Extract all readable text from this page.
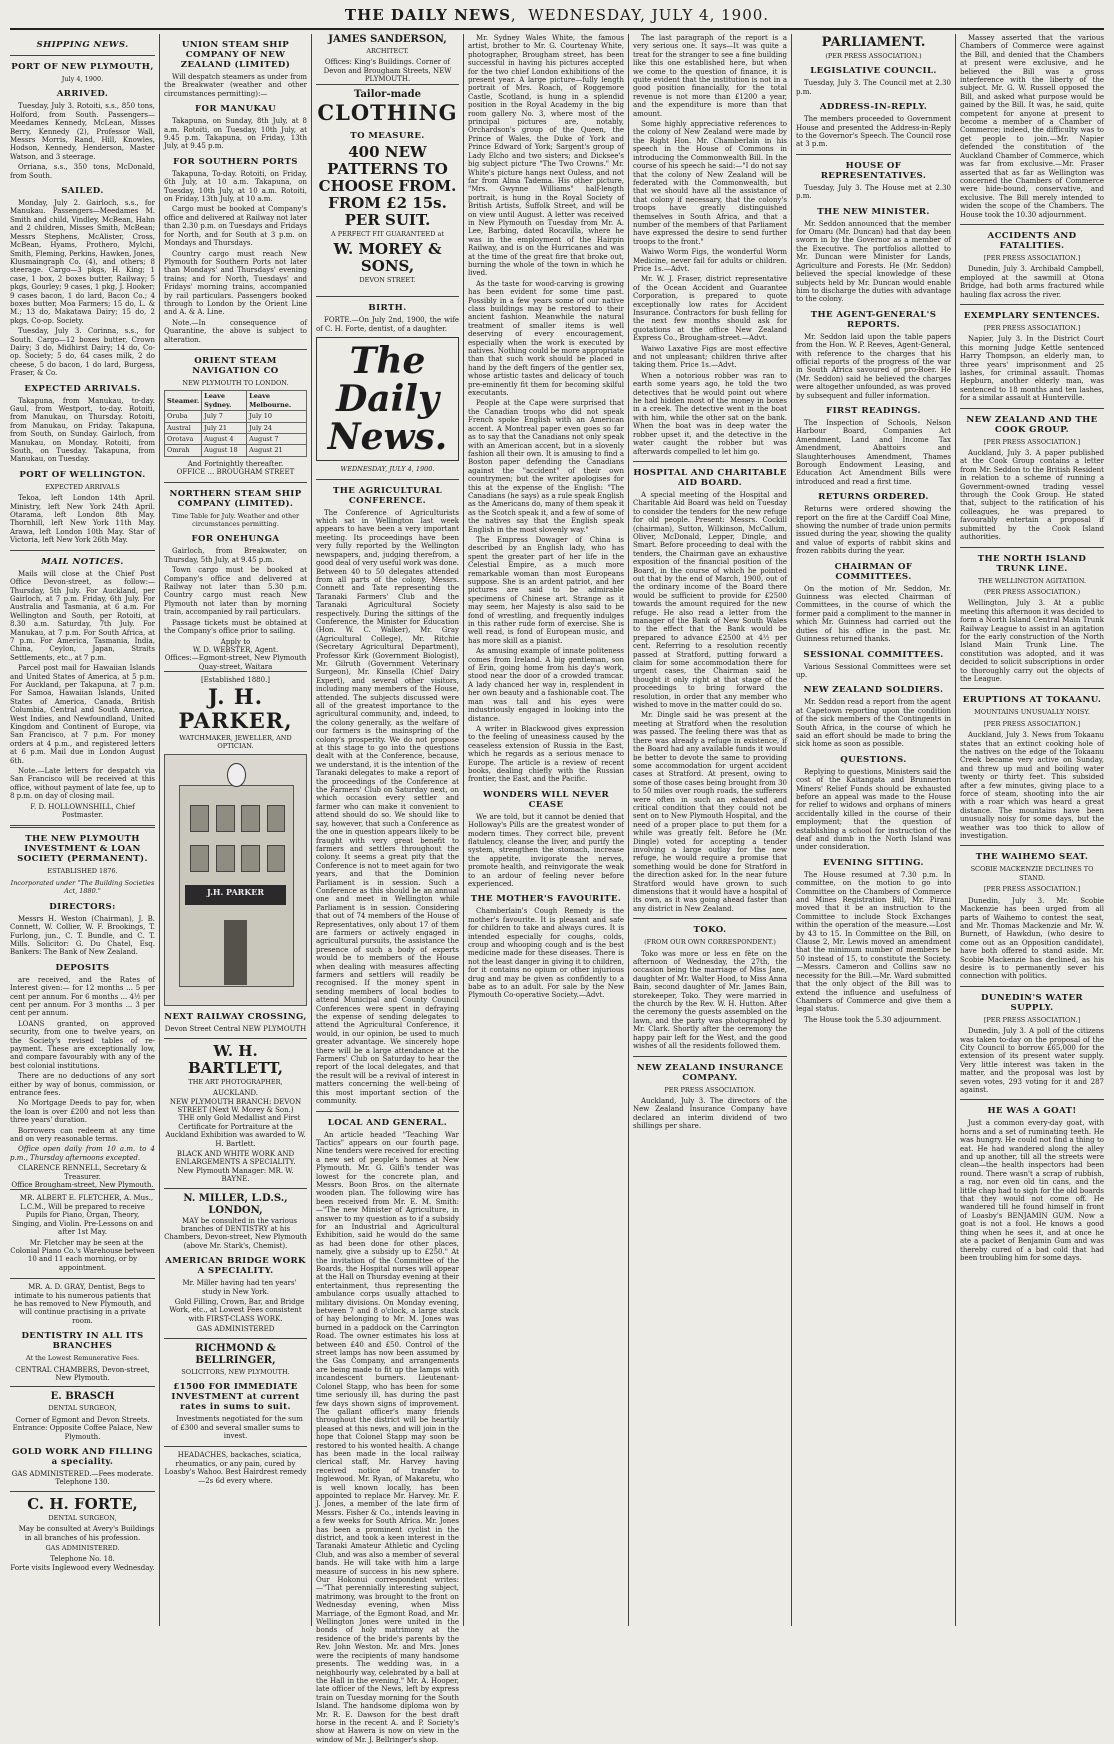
THE DAILY NEWS,  WEDNESDAY, JULY 4, 1900.
SHIPPING NEWS.
PORT OF NEW PLYMOUTH,
July 4, 1900.
ARRIVED.

Tuesday, July 3. Rotoiti, s.s., 850 tons, Holford, from South. Passengers—Meedames Kennedy, McLean, Misses Berry, Kennedy (2), Professor Wall, Messrs Morris, Rand, Hill, Knowles, Hodson, Kennedy, Henderson, Master Watson, and 3 steerage.

Orriana, s.s., 350 tons, McDonald, from South.

SAILED.

Monday, July 2. Gairloch, s.s., for Manukau. Passengers—Meedames M. Smith and child, Vindley, McBean, Hahn and 2 children, Misses Smith, McBean; Messrs Stephens, McAlister, Cross, McBean, Hyams, Prothero, Mylchi, Smith, Fleming, Perkins, Hawken, Jones, Klusmaingraph Co. (4), and others; 8 steerage. Cargo—3 pkgs, H. King; 1 case, 1 box, 2 boxes butter, Railway; 5 pkgs, Gourley; 9 cases, 1 pkg, J. Hooker; 9 cases bacon, 1 do lard, Bacon Co.; 4 boxes butter, Moa Farmers; 15 do, L. & M.; 13 do, Makatawa Dairy; 15 do, 2 pkgs, Co-op. Society.

Tuesday, July 3. Corinna, s.s., for South. Cargo—12 boxes butter, Crown Dairy; 3 do, Midhirst Dairy; 14 do, Co-op. Society; 5 do, 64 cases milk, 2 do cheese, 5 do bacon, 1 do lard, Burgess, Fraser, & Co.

EXPECTED ARRIVALS.

Takapuna, from Manukau, to-day. Gaul, from Westport, to-day. Rotoiti, from Manukau, on Thursday. Rotoiti, from Manukau, on Friday. Takapuna, from South, on Sunday. Gairloch, from Manukau, on Monday. Rotoiti, from South, on Tuesday. Takapuna, from Manukau, on Tuesday.

PORT OF WELLINGTON.
EXPECTED ARRIVALS

Tekoa, left London 14th April. Ministry, left New York 24th April. Otarama, left London 8th May. Thornhill, left New York 11th May. Arawa, left London 10th May. Star of Victoria, left New York 26th May.

MAIL NOTICES.

Mails will close at the Chief Post Office Devon-street, as follow:— Thursday, 5th July. For Auckland, per Gairloch, at 7 p.m. Friday, 6th July. For Australia and Tasmania, at 6 a.m. For Wellington and South, per Rotoiti, at 8.30 a.m. Saturday, 7th July. For Manukau, at 7 p.m. For South Africa, at 7 p.m. For America, Tasmania, India, China, Ceylon, Japan, Straits Settlements, etc., at 7 p.m.

Parcel post mail for Hawaiian Islands and United States of America, at 5 p.m. For Auckland, per Takapuna, at 7 p.m. For Samoa, Hawaiian Islands, United States of America, Canada, British Columbia, Central and South America, West Indies, and Newfoundland, United Kingdom and Continent of Europe, via San Francisco, at 7 p.m. For money orders at 4 p.m., and registered letters at 6 p.m. Mail due in London August 6th.

Note.—Late letters for despatch via San Francisco will be received at this office, without payment of late fee, up to 8 p.m. on day of closing mail.

F. D. HOLLOWNSHILL, Chief Postmaster.
THE NEW PLYMOUTH INVESTMENT & LOAN SOCIETY (PERMANENT).
ESTABLISHED 1876.
Incorporated under "The Building Societies Act, 1880."
DIRECTORS:

Messrs H. Weston (Chairman), J. B. Connett, W. Collier, W. F. Brookings, T. Furlong, jun., C. T. Bundle, and C. T. Mills. Solicitor: G. Du Chatel, Esq. Bankers: The Bank of New Zealand.

DEPOSITS

are received, and the Rates of Interest given:— for 12 months ... 5 per cent per annum. For 6 months ... 4½ per cent per annum. For 3 months ... 3 per cent per annum.

LOANS granted, on approved security, from one to twelve years, on the Society's revised tables of re-payment. These are exceptionally low, and compare favourably with any of the best colonial institutions.

There are no deductions of any sort either by way of bonus, commission, or entrance fees.

No Mortgage Deeds to pay for, when the loan is over £200 and not less than three years' duration.

Borrowers can redeem at any time and on very reasonable terms.

Office open daily from 10 a.m. to 4 p.m., Thursday afternoons excepted.

CLARENCE RENNELL, Secretary & Treasurer.
Office Brougham-street, New Plymouth.

MR. ALBERT E. FLETCHER, A. Mus., L.C.M., Will be prepared to receive Pupils for Piano, Organ, Theory, Singing, and Violin. Pre-Lessons on and after 1st May.

Mr. Fletcher may be seen at the Colonial Piano Co.'s Warehouse between 10 and 11 each morning, or by appointment.

MR. A. D. GRAY, Dentist, Begs to intimate to his numerous patients that he has removed to New Plymouth, and will continue practising in a private room.

DENTISTRY IN ALL ITS BRANCHES
At the Lowest Remunerative Fees.
CENTRAL CHAMBERS, Devon-street, New Plymouth.
E. BRASCH
DENTAL SURGEON,
Corner of Egmont and Devon Streets.
Entrance: Opposite Coffee Palace, New Plymouth.
GOLD WORK AND FILLING a speciality.
GAS ADMINISTERED.—Fees moderate. Telephone 130.
C. H. FORTE,
DENTAL SURGEON,

May be consulted at Avery's Buildings in all branches of his profession.

GAS ADMINISTERED.
Telephone No. 18.
Forte visits Inglewood every Wednesday.
UNION STEAM SHIP COMPANY OF NEW ZEALAND (LIMITED)

Will despatch steamers as under from the Breakwater (weather and other circumstances permitting):—

FOR MANUKAU

Takapuna, on Sunday, 8th July, at 8 a.m. Rotoiti, on Tuesday, 10th July, at 9.45 p.m. Takapuna, on Friday, 13th July, at 9.45 p.m.

FOR SOUTHERN PORTS

Takapuna, To-day. Rotoiti, on Friday, 6th July, at 10 a.m. Takapuna, on Tuesday, 10th July, at 10 a.m. Rotoiti, on Friday, 13th July, at 10 a.m.

Cargo must be booked at Company's office and delivered at Railway not later than 2.30 p.m. on Tuesdays and Fridays for North, and for South at 3 p.m. on Mondays and Thursdays.

Country cargo must reach New Plymouth for Southern Ports not later than Mondays' and Thursdays' evening trains; and for North, Tuesdays' and Fridays' morning trains, accompanied by rail particulars. Passengers booked through to London by the Orient Line and A. & A. Line.

Note.—In consequence of Quarantine, the above is subject to alteration.

ORIENT STEAM NAVIGATION CO
NEW PLYMOUTH TO LONDON.
Steamer.	Leave Sydney.	Leave Melbourne.
Oruba	July 7	July 10
Austral	July 21	July 24
Orotava	August 4	August 7
Omrah	August 18	August 21
And Fortnightly thereafter.
OFFICE ... BROUGHAM STREET
NORTHERN STEAM SHIP COMPANY (LIMITED).
Time Table for July. Weather and other circumstances permitting.
FOR ONEHUNGA

Gairloch, from Breakwater, on Thursday, 5th July, at 9.45 p.m.

Town cargo must be booked at Company's office and delivered at Railway not later than 5.30 p.m. Country cargo must reach New Plymouth not later than by morning train, accompanied by rail particulars.

Passage tickets must be obtained at the Company's office prior to sailing.

Apply to
W. D. WEBSTER, Agent.
Offices:—Egmont-street, New Plymouth Quay-street, Waitara
[Established 1880.]
J. H. PARKER,
WATCHMAKER, JEWELLER, AND OPTICIAN.
J.H. PARKER
NEXT RAILWAY CROSSING,
Devon Street Central NEW PLYMOUTH
W. H. BARTLETT,
THE ART PHOTOGRAPHER,
AUCKLAND.
NEW PLYMOUTH BRANCH: DEVON STREET (Next W. Morey & Son.)

THE only Gold Medallist and First Certificate for Portraiture at the Auckland Exhibition was awarded to W. H. Bartlett.

BLACK AND WHITE WORK AND ENLARGEMENTS A SPECIALITY.
New Plymouth Manager: MR. W. BAYNE.
N. MILLER, L.D.S., LONDON,

MAY be consulted in the various branches of DENTISTRY at his Chambers, Devon-street, New Plymouth (above Mr. Stark's, Chemist).

AMERICAN BRIDGE WORK A SPECIALITY.

Mr. Miller having had ten years' study in New York.

Gold Filling, Crown, Bar, and Bridge Work, etc., at Lowest Fees consistent with FIRST-CLASS WORK.

GAS ADMINISTERED
RICHMOND & BELLRINGER,
SOLICITORS, NEW PLYMOUTH.
£1500 FOR IMMEDIATE INVESTMENT at current rates in sums to suit.

Investments negotiated for the sum of £300 and several smaller sums to invest.

HEADACHES, backaches, sciatica, rheumatics, or any pain, cured by Loasby's Wahoo. Best Hairdrest remedy—2s 6d every where.

JAMES SANDERSON,
ARCHITECT.
Offices: King's Buildings. Corner of Devon and Brougham Streets, NEW PLYMOUTH.
Tailor-made
CLOTHING
TO MEASURE.
400 NEW PATTERNS TO CHOOSE FROM.
FROM £2 15s. PER SUIT.
A PERFECT FIT GUARANTEED at
W. MOREY & SONS,
DEVON STREET.
BIRTH.

FORTE.—On July 2nd, 1900, the wife of C. H. Forte, dentist, of a daughter.

The Daily News.
WEDNESDAY, JULY 4, 1900.
THE AGRICULTURAL CONFERENCE.

The Conference of Agriculturists which sat in Wellington last week appears to have been a very important meeting. Its proceedings have been very fully reported by the Wellington newspapers, and, judging therefrom, a good deal of very useful work was done. Between 40 to 50 delegates attended from all parts of the colony, Messrs. Connett and Tate representing the Taranaki Farmers' Club and the Taranaki Agricultural Society respectively. During the sittings of the Conference, the Minister for Education (Hon. W. C. Walker), Mr. Gray (Agricultural College), Mr. Ritchie (Secretary Agricultural Department), Professor Kirk (Government Biologist), Mr. Gilruth (Government Veterinary Surgeon), Mr. Kinsella (Chief Dairy Expert), and several other visitors, including many members of the House, attended. The subjects discussed were all of the greatest importance to the agricultural community, and, indeed, to the colony generally, as the welfare of our farmers is the mainspring of the colony's prosperity. We do not propose at this stage to go into the questions dealt with at the Conference, because, we understand, it is the intention of the Taranaki delegates to make a report of the proceedings of the Conference at the Farmers' Club on Saturday next, on which occasion every settler and farmer who can make it convenient to attend should do so. We should like to say, however, that such a Conference as the one in question appears likely to be fraught with very great benefit to farmers and settlers throughout the colony. It seems a great pity that the Conference is not to meet again for two years, and that the Dominion Parliament is in session. Such a Conference as this should be an annual one and meet in Wellington while Parliament is in session. Considering that out of 74 members of the House of Representatives, only about 17 of them are farmers or actively engaged in agricultural pursuits, the assistance the presence of such a body of experts would be to members of the House when dealing with measures affecting farmers and settlers will readily be recognised. If the money spent in sending members of local bodies to attend Municipal and County Council Conferences were spent in defraying the expense of sending delegates to attend the Agricultural Conference, it would, in our opinion, be used to much greater advantage. We sincerely hope there will be a large attendance at the Farmers' Club on Saturday to hear the report of the local delegates, and that the result will be a revival of interest in matters concerning the well-being of this most important section of the community.

LOCAL AND GENERAL.

An article headed "Teaching War Tactics" appears on our fourth page. Nine tenders were received for erecting a new set of people's homes at New Plymouth. Mr. G. Gilfi's tender was lowest for the concrete plan, and Messrs. Boon Bros. on the alternate wooden plan. The following wire has been received from Mr. E. M. Smith:—"The new Minister of Agriculture, in answer to my question as to if a subsidy for an Industrial and Agricultural Exhibition, said he would do the same as had been done for other places, namely, give a subsidy up to £250." At the invitation of the Committee of the Boards, the Hospital nurses will appear at the Hall on Thursday evening at their entertainment, thus representing the ambulance corps usually attached to military divisions. On Monday evening, between 7 and 8 o'clock, a large stack of hay belonging to Mr. M. Jones was burned in a paddock on the Carrington Road. The owner estimates his loss at between £40 and £50. Control of the street lamps has now been assumed by the Gas Company, and arrangements are being made to fit up the lamps with incandescent burners. Lieutenant-Colonel Stapp, who has been for some time seriously ill, has during the past few days shown signs of improvement. The gallant officer's many friends throughout the district will be heartily pleased at this news, and will join in the hope that Colonel Stapp may soon be restored to his wonted health. A change has been made in the local railway clerical staff, Mr. Harvey having received notice of transfer to Inglewood. Mr. Ryan, of Makaretu, who is well known locally, has been appointed to replace Mr. Harvey. Mr. F. J. Jones, a member of the late firm of Messrs. Fisher & Co., intends leaving in a few weeks for South Africa. Mr. Jones has been a prominent cyclist in the district, and took a keen interest in the Taranaki Amateur Athletic and Cycling Club, and was also a member of several bands. He will take with him a large measure of success in his new sphere. Our Hokonui correspondent writes:—"That perennially interesting subject, matrimony, was brought to the front on Wednesday evening, when Miss Marriage, of the Egmont Road, and Mr. Wellington Jones were united in the bonds of holy matrimony at the residence of the bride's parents by the Rev. John Weston. Mr. and Mrs. Jones were the recipients of many handsome presents. The wedding was, in a neighbourly way, celebrated by a ball at the Hall in the evening." Mr. A. Hooper, late officer of the News, left by express train on Tuesday morning for the South Island. The handsome diploma won by Mr. R. E. Dawson for the best draft horse in the recent A. and P. Society's show at Hawera is now on view in the window of Mr. J. Bellringer's shop.

Mr. Sydney Wales White, the famous artist, brother to Mr. G. Courtenay White, photographer, Brougham street, has been successful in having his pictures accepted for the two chief London exhibitions of the present year. A large picture—fully length portrait of Mrs. Roach, of Roggemore Castle, Scotland, is hung in a splendid position in the Royal Academy in the big room gallery No. 3, where most of the principal pictures are, notably, Orchardson's group of the Queen, the Prince of Wales, the Duke of York and Prince Edward of York; Sargent's group of Lady Elcho and two sisters; and Dicksee's big subject picture "The Two Crowns." Mr. White's picture hangs next Ouless, and not far from Alma Tadema. His other picture, "Mrs. Gwynne Williams" half-length portrait, is hung in the Royal Society of British Artists, Suffolk Street, and will be on view until August. A letter was received in New Plymouth on Tuesday from Mr. A. Lee, Barbing, dated Rocavilla, where he was in the employment of the Hairpin Railway, and is on the Hurricanes and was at the time of the great fire that broke out, burning the whole of the town in which he lived.

As the taste for wood-carving is growing has been evident for some time past. Possibly in a few years some of our native class buildings may be restored to their ancient fashion. Meanwhile the natural treatment of smaller items is well deserving of every encouragement, especially when the work is executed by natives. Nothing could be more appropriate than that such work should be placed in hand by the deft fingers of the gentler sex, whose artistic tastes and delicacy of touch pre-eminently fit them for becoming skilful executants.

People at the Cape were surprised that the Canadian troops who did not speak French spoke English with an American accent. A Montreal paper even goes so far as to say that the Canadians not only speak with an American accent, but in a slovenly fashion all their own. It is amusing to find a Boston paper defending the Canadians against the "accident" of their own countrymen; but the writer apologises for this at the expense of the English: "The Canadians (he says) as a rule speak English as the Americans do, many of them speak it as the Scotch speak it, and a few of some of the natives say that the English speak English in the most slovenly way."

The Empress Dowager of China is described by an English lady, who has spent the greater part of her life in the Celestial Empire, as a much more remarkable woman than most Europeans suppose. She is an ardent patriot, and her pictures are said to be admirable specimens of Chinese art. Strange as it may seem, her Majesty is also said to be fond of wrestling, and frequently indulges in this rather rude form of exercise. She is well read, is fond of European music, and has more skill as a pianist.

As amusing example of innate politeness comes from Ireland. A big gentleman, son of Erin, going home from his day's work, stood near the door of a crowded tramcar. A lady chanced her way in, resplendent in her own beauty and a fashionable coat. The man was tall and his eyes were industriously engaged in looking into the distance.

A writer in Blackwood gives expression to the feeling of uneasiness caused by the ceaseless extension of Russia in the East, which he regards as a serious menace to Europe. The article is a review of recent books, dealing chiefly with the Russian frontier, the East, and the Pacific.

WONDERS WILL NEVER CEASE

We are told, but it cannot be denied that Holloway's Pills are the greatest wonder of modern times. They correct bile, prevent flatulency, cleanse the liver, and purify the system, strengthen the stomach, increase the appetite, invigorate the nerves, promote health, and reinvigorate the weak to an ardour of feeling never before experienced.

THE MOTHER'S FAVOURITE.

Chamberlain's Cough Remedy is the mother's favourite. It is pleasant and safe for children to take and always cures. It is intended especially for coughs, colds, croup and whooping cough and is the best medicine made for these diseases. There is not the least danger in giving it to children, for it contains no opium or other injurious drug and may be given as confidently to a babe as to an adult. For sale by the New Plymouth Co-operative Society.—Advt.

The last paragraph of the report is a very serious one. It says—It was quite a treat for the stranger to see a fine building like this one established here, but when we come to the question of finance, it is quite evident that the institution is not in a good position financially, for the total revenue is not more than £1200 a year, and the expenditure is more than that amount.

Some highly appreciative references to the colony of New Zealand were made by the Right Hon. Mr. Chamberlain in his speech in the House of Commons in introducing the Commonwealth Bill. In the course of his speech he said:—"I do not say that the colony of New Zealand will be federated with the Commonwealth, but that we should have all the assistance of that colony if necessary, that the colony's troops have greatly distinguished themselves in South Africa, and that a number of the members of that Parliament have expressed the desire to send further troops to the front."

Waiwo Worm Figs, the wonderful Worm Medicine, never fail for adults or children. Price 1s.—Advt.

Mr. W. J. Fraser, district representative of the Ocean Accident and Guarantee Corporation, is prepared to quote exceptionally low rates for Accident Insurance. Contractors for bush felling for the next few months should ask for quotations at the office New Zealand Express Co., Brougham-street.—Advt.

Waiwo Laxative Figs are most effective and not unpleasant; children thrive after taking them. Price 1s.—Advt.

When a notorious robber was ran to earth some years ago, he told the two detectives that he would point out where he had hidden most of the money in boxes in a creek. The detective went in the boat with him, while the other sat on the bank. When the boat was in deep water the robber upset it, and the detective in the water caught the robber but was afterwards compelled to let him go.

HOSPITAL AND CHARITABLE AID BOARD.

A special meeting of the Hospital and Charitable Aid Board was held on Tuesday to consider the tenders for the new refuge for old people. Present: Messrs. Cockill (chairman), Sutton, Wilkinson, McCallum, Oliver, McDonald, Lepper, Dingle, and Smart. Before proceeding to deal with the tenders, the Chairman gave an exhaustive exposition of the financial position of the Board, in the course of which he pointed out that by the end of March, 1900, out of the ordinary income of the Board there would be sufficient to provide for £2500 towards the amount required for the new refuge. He also read a letter from the manager of the Bank of New South Wales to the effect that the Bank would be prepared to advance £2500 at 4½ per cent. Referring to a resolution recently passed at Stratford, putting forward a claim for some accommodation there for urgent cases, the Chairman said he thought it only right at that stage of the proceedings to bring forward the resolution, in order that any member who wished to move in the matter could do so.

Mr. Dingle said he was present at the meeting at Stratford when the resolution was passed. The feeling there was that as there was already a refuge in existence, if the Board had any available funds it would be better to devote the same to providing some accommodation for urgent accident cases at Stratford. At present, owing to some of those cases being brought from 30 to 50 miles over rough roads, the sufferers were often in such an exhausted and critical condition that they could not be sent on to New Plymouth Hospital, and the need of a proper place to put them for a while was greatly felt. Before he (Mr. Dingle) voted for accepting a tender involving a large outlay for the new refuge, he would require a promise that something would be done for Stratford in the direction asked for. In the near future Stratford would have grown to such dimensions that it would have a hospital of its own, as it was going ahead faster than any district in New Zealand.

TOKO.
(FROM OUR OWN CORRESPONDENT.)

Toko was more or less en fête on the afternoon of Wednesday, the 27th, the occasion being the marriage of Miss Jane, daughter of Mr. Walter Hood, to Miss Anna Bain, second daughter of Mr. James Bain, storekeeper, Toko. They were married in the church by the Rev. W. H. Hutton. After the ceremony the guests assembled on the lawn, and the party was photographed by Mr. Clark. Shortly after the ceremony the happy pair left for the West, and the good wishes of all the residents followed them.

NEW ZEALAND INSURANCE COMPANY.
PER PRESS ASSOCIATION.

Auckland, July 3. The directors of the New Zealand Insurance Company have declared an interim dividend of two shillings per share.

PARLIAMENT.
(PER PRESS ASSOCIATION.)
LEGISLATIVE COUNCIL.

Tuesday, July 3. The Council met at 2.30 p.m.

ADDRESS-IN-REPLY.

The members proceeded to Government House and presented the Address-in-Reply to the Governor's Speech. The Council rose at 3 p.m.

HOUSE OF REPRESENTATIVES.

Tuesday, July 3. The House met at 2.30 p.m.

THE NEW MINISTER.

Mr. Seddon announced that the member for Omaru (Mr. Duncan) had that day been sworn in by the Governor as a member of the Executive. The portfolios allotted to Mr. Duncan were Minister for Lands, Agriculture and Forests. He (Mr. Seddon) believed the special knowledge of these subjects held by Mr. Duncan would enable him to discharge the duties with advantage to the colony.

THE AGENT-GENERAL'S REPORTS.

Mr. Seddon laid upon the table papers from the Hon. W. P. Reeves, Agent-General, with reference to the charges that his official reports of the progress of the war in South Africa savoured of pro-Boer. He (Mr. Seddon) said he believed the charges were altogether unfounded, as was proved by subsequent and fuller information.

FIRST READINGS.

The Inspection of Schools, Nelson Harbour Board, Companies Act Amendment, Land and Income Tax Amendment, Abattoirs and Slaughterhouses Amendment, Thames Borough Endowment Leasing, and Education Act Amendment Bills were introduced and read a first time.

RETURNS ORDERED.

Returns were ordered showing the report on the fire at the Cardiff Coal Mine, showing the number of trade union permits issued during the year, showing the quality and value of exports of rabbit skins and frozen rabbits during the year.

CHAIRMAN OF COMMITTEES.

On the motion of Mr. Seddon, Mr. Guinness was elected Chairman of Committees, in the course of which the former paid a compliment to the manner in which Mr. Guinness had carried out the duties of his office in the past. Mr. Guinness returned thanks.

SESSIONAL COMMITTEES.

Various Sessional Committees were set up.

NEW ZEALAND SOLDIERS.

Mr. Seddon read a report from the agent at Capetown reporting upon the condition of the sick members of the Contingents in South Africa, in the course of which he said an effort should be made to bring the sick home as soon as possible.

QUESTIONS.

Replying to questions, Ministers said the cost of the Kaitangata and Brunnerton Miners' Relief Funds should be exhausted before an appeal was made to the House for relief to widows and orphans of miners accidentally killed in the course of their employment; that the question of establishing a school for instruction of the deaf and dumb in the North Island was under consideration.

EVENING SITTING.

The House resumed at 7.30 p.m. In committee, on the motion to go into Committee on the Chambers of Commerce and Mines Registration Bill, Mr. Pirani moved that it be an instruction to the Committee to include Stock Exchanges within the operation of the measure.—Lost by 43 to 15. In Committee on the Bill, on Clause 2, Mr. Lewis moved an amendment that the minimum number of members be 50 instead of 15, to constitute the Society.—Messrs. Cameron and Collins saw no necessity for the Bill.—Mr. Ward submitted that the only object of the Bill was to extend the influence and usefulness of Chambers of Commerce and give them a legal status.

The House took the 5.30 adjournment.

Massey asserted that the various Chambers of Commerce were against the Bill, and denied that the Chambers at present were exclusive, and he believed the Bill was a gross interference with the liberty of the subject. Mr. G. W. Russell opposed the Bill, and asked what purpose would be gained by the Bill. It was, he said, quite competent for anyone at present to become a member of a Chamber of Commerce; indeed, the difficulty was to get people to join.—Mr. Napier defended the constitution of the Auckland Chamber of Commerce, which was far from exclusive.—Mr. Fraser asserted that as far as Wellington was concerned the Chambers of Commerce were hide-bound, conservative, and exclusive. The Bill merely intended to widen the scope of the Chambers. The House took the 10.30 adjournment.

ACCIDENTS AND FATALITIES.
[PER PRESS ASSOCIATION.]

Dunedin, July 3. Archibald Campbell, employed at the sawmill at Otona Bridge, had both arms fractured while hauling flax across the river.

EXEMPLARY SENTENCES.
[PER PRESS ASSOCIATION.]

Napier, July 3. In the District Court this morning Judge Kettle sentenced Harry Thompson, an elderly man, to three years' imprisonment and 25 lashes, for criminal assault. Thomas Hepburn, another elderly man, was sentenced to 18 months and ten lashes, for a similar assault at Hunterville.

NEW ZEALAND AND THE COOK GROUP.
[PER PRESS ASSOCIATION.]

Auckland, July 3. A paper published at the Cook Group contains a letter from Mr. Seddon to the British Resident in relation to a scheme of running a Government-owned trading vessel through the Cook Group. He stated that, subject to the ratification of his colleagues, he was prepared to favourably entertain a proposal if submitted by the Cook Island authorities.

THE NORTH ISLAND TRUNK LINE.
THE WELLINGTON AGITATION.
(PER PRESS ASSOCIATION.)

Wellington, July 3. At a public meeting this afternoon it was decided to form a North Island Central Main Trunk Railway League to assist in an agitation for the early construction of the North Island Main Trunk Line. The constitution was adopted, and it was decided to solicit subscriptions in order to thoroughly carry out the objects of the League.

ERUPTIONS AT TOKAANU.
MOUNTAINS UNUSUALLY NOISY.
[PER PRESS ASSOCIATION.]

Auckland, July 3. News from Tokaanu states that an extinct cooking hole of the natives on the edge of the Tokaanu Creek became very active on Sunday, and threw up mud and boiling water twenty or thirty feet. This subsided after a few minutes, giving place to a force of steam, shooting into the air with a roar which was heard a great distance. The mountains have been unusually noisy for some days, but the weather was too thick to allow of investigation.

THE WAIHEMO SEAT.
SCOBIE MACKENZIE DECLINES TO STAND.
[PER PRESS ASSOCIATION.]

Dunedin, July 3. Mr. Scobie Mackenzie has been urged from all parts of Waihemo to contest the seat, and Mr. Thomas Mackenzie and Mr. W. Burnett, of Hawkdun, (who desire to come out as an Opposition candidate), have both offered to stand aside. Mr. Scobie Mackenzie has declined, as his desire is to permanently sever his connection with politics.

DUNEDIN'S WATER SUPPLY.
[PER PRESS ASSOCIATION.]

Dunedin, July 3. A poll of the citizens was taken to-day on the proposal of the City Council to borrow £65,000 for the extension of its present water supply. Very little interest was taken in the matter, and the proposal was lost by seven votes, 293 voting for it and 287 against.

HE WAS A GOAT!

Just a common every-day goat, with horns and a set of ruminating teeth. He was hungry. He could not find a thing to eat. He had wandered along the alley and up another, till all the streets were clean—the health inspectors had been round. There wasn't a scrap of rubbish, a rag, nor even old tin cans, and the little chap had to sigh for the old boards that they would not come off. He wandered till he found himself in front of Loasby's BENJAMIN GUM. Now a goat is not a fool. He knows a good thing when he sees it, and at once he ate a packet of Benjamin Gum and was thereby cured of a bad cold that had been troubling him for some days.
